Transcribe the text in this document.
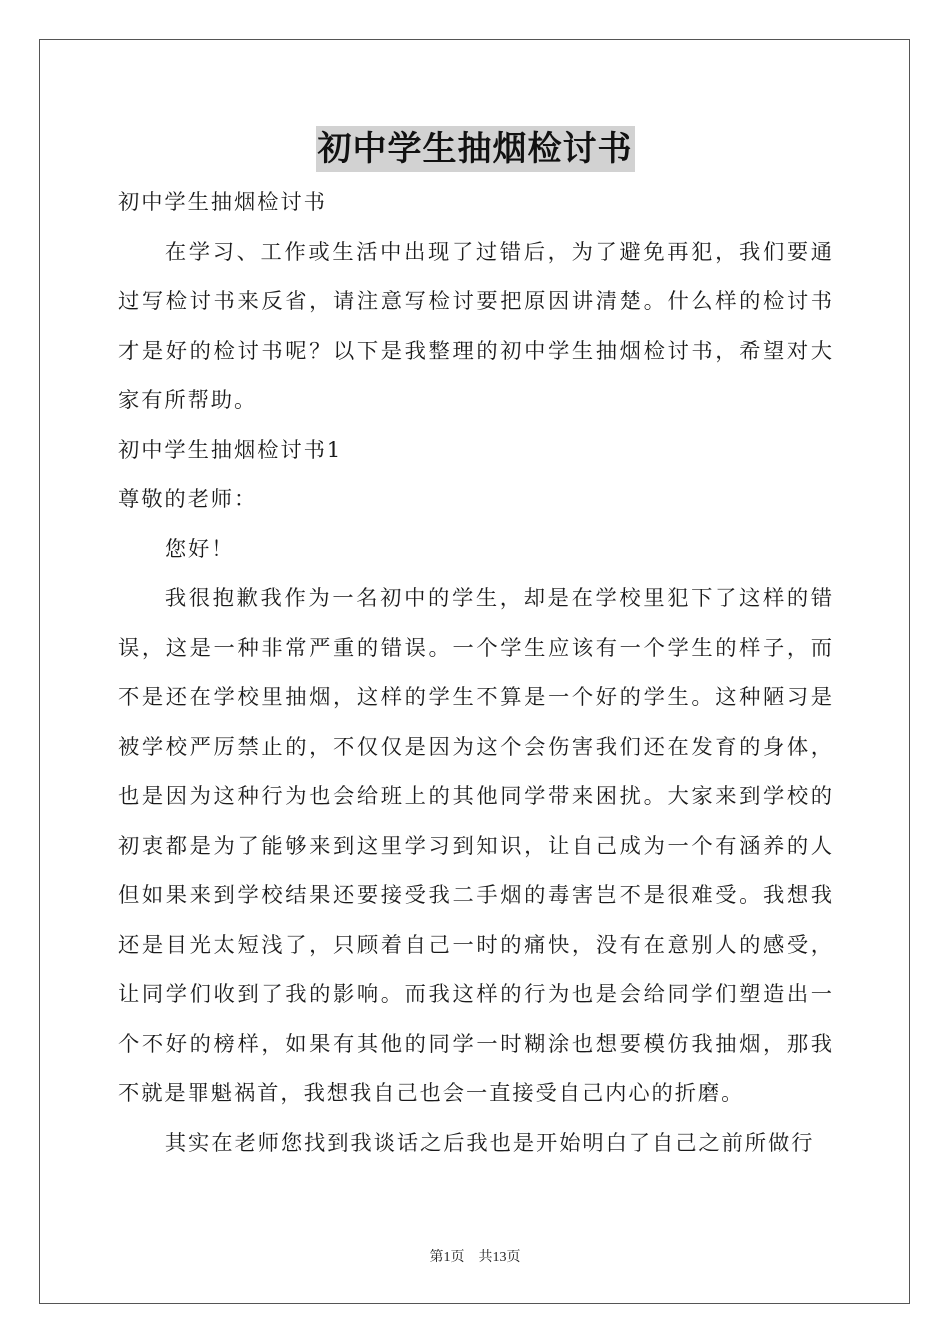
初中学生抽烟检讨书

初中学生抽烟检讨书

在学习、工作或生活中出现了过错后，为了避免再犯，我们要通过写检讨书来反省，请注意写检讨要把原因讲清楚。什么样的检讨书才是好的检讨书呢？以下是我整理的初中学生抽烟检讨书，希望对大家有所帮助。

初中学生抽烟检讨书1

尊敬的老师：

您好！

我很抱歉我作为一名初中的学生，却是在学校里犯下了这样的错误，这是一种非常严重的错误。一个学生应该有一个学生的样子，而不是还在学校里抽烟，这样的学生不算是一个好的学生。这种陋习是被学校严厉禁止的，不仅仅是因为这个会伤害我们还在发育的身体，也是因为这种行为也会给班上的其他同学带来困扰。大家来到学校的初衷都是为了能够来到这里学习到知识，让自己成为一个有涵养的人但如果来到学校结果还要接受我二手烟的毒害岂不是很难受。我想我还是目光太短浅了，只顾着自己一时的痛快，没有在意别人的感受，让同学们收到了我的影响。而我这样的行为也是会给同学们塑造出一个不好的榜样，如果有其他的同学一时糊涂也想要模仿我抽烟，那我不就是罪魁祸首，我想我自己也会一直接受自己内心的折磨。

其实在老师您找到我谈话之后我也是开始明白了自己之前所做行

第1页 共13页
